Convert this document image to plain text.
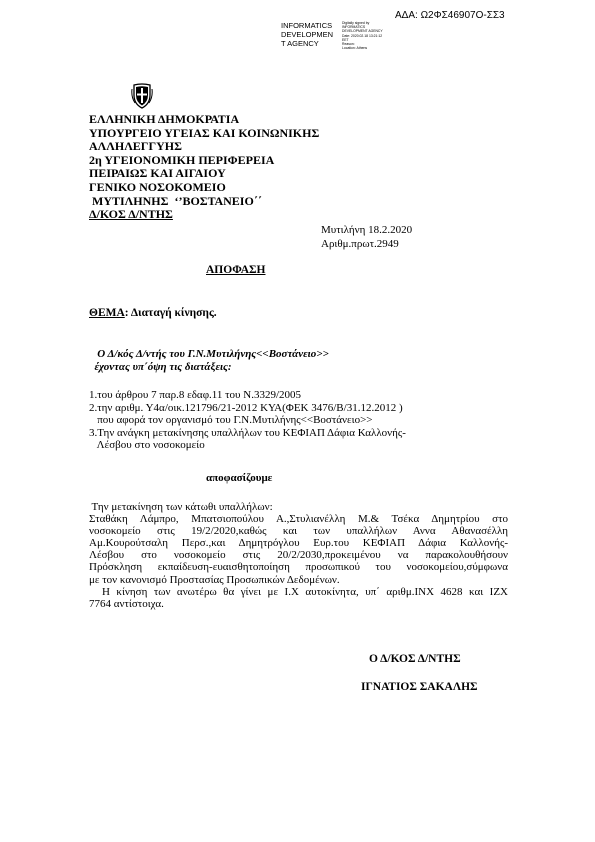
ΑΔΑ: Ω2ΦΣ46907Ο-ΣΣ3
INFORMATICS
DEVELOPMEN
T AGENCY
Digitally signed by
INFORMATICS
DEVELOPMENT AGENCY
Date: 2020.02.18 13:21:12
EET
Reason:
Location: Athens
ΕΛΛΗΝΙΚΗ ΔΗΜΟΚΡΑΤΙΑ
ΥΠΟΥΡΓΕΙΟ ΥΓΕΙΑΣ ΚΑΙ ΚΟΙΝΩΝΙΚΗΣ
ΑΛΛΗΛΕΓΓΥΗΣ
2η ΥΓΕΙΟΝΟΜΙΚΗ ΠΕΡΙΦΕΡΕΙΑ
ΠΕΙΡΑΙΩΣ ΚΑΙ ΑΙΓΑΙΟΥ
ΓΕΝΙΚΟ ΝΟΣΟΚΟΜΕΙΟ
ΜΥΤΙΛΗΝΗΣ  ‘’ΒΟΣΤΑΝΕΙΟ΄΄
Δ/ΚΟΣ Δ/ΝΤΗΣ
Μυτιλήνη 18.2.2020
Αριθμ.πρωτ.2949
ΑΠΟΦΑΣΗ
ΘΕΜΑ: Διαταγή κίνησης.
Ο Δ/κός Δ/ντής του Γ.Ν.Μυτιλήνης<<Βοστάνειο>>
έχοντας υπ΄όψη τις διατάξεις:
1.του άρθρου 7 παρ.8 εδαφ.11 του Ν.3329/2005
2.την αριθμ. Υ4α/οικ.121796/21-2012 ΚΥΑ(ΦΕΚ 3476/Β/31.12.2012 )
που αφορά τον οργανισμό του Γ.Ν.Μυτιλήνης<<Βοστάνειο>>
3.Την ανάγκη μετακίνησης υπαλλήλων του ΚΕΦΙΑΠ Δάφια Καλλονής-
Λέσβου στο νοσοκομείο
αποφασίζουμε
Την μετακίνηση των κάτωθι υπαλλήλων:
Σταθάκη Λάμπρο, Μπατσιοπούλου Α.,Στυλιανέλλη Μ.& Τσέκα Δημητρίου στο
νοσοκομείο στις 19/2/2020,καθώς και των υπαλλήλων Αννα Αθανασέλλη
Αμ.Κουρούτσαλη Περσ.,και Δημητρόγλου Ευρ.του ΚΕΦΙΑΠ Δάφια Καλλονής-
Λέσβου στο νοσοκομείο στις 20/2/2030,προκειμένου να παρακολουθήσουν
Πρόσκληση εκπαίδευση-ευαισθητοποίηση προσωπικού του νοσοκομείου,σύμφωνα
με τον κανονισμό Προστασίας Προσωπικών Δεδομένων.
Η κίνηση των ανωτέρω θα γίνει με Ι.Χ αυτοκίνητα, υπ΄ αριθμ.ΙΝΧ 4628 και ΙΖΧ
7764 αντίστοιχα.
Ο Δ/ΚΟΣ Δ/ΝΤΗΣ
ΙΓΝΑΤΙΟΣ ΣΑΚΑΛΗΣ
